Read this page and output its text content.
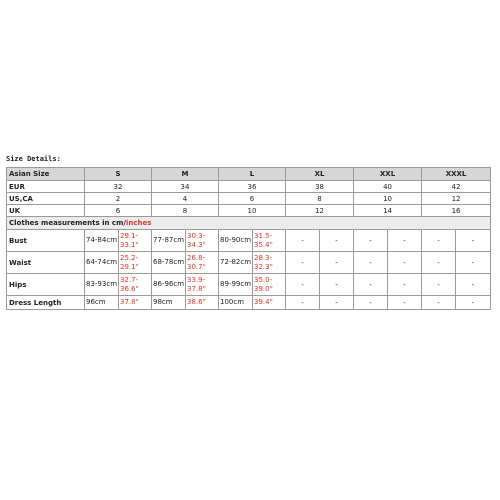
Size Details:
Asian Size	S		M		L		XL		XXL		XXXL	
EUR	32		34		36		38		40		42	
US,CA	2		4		6		8		10		12	
UK	6		8		10		12		14		16	
Clothes measurements in cm/inches												
Bust	74-84cm	29.1-33.1"	77-87cm	30.3-34.3"	80-90cm	31.5-35.4"	-	-	-	-	-	-
Waist	64-74cm	25.2-29.1"	68-78cm	26.8-30.7"	72-82cm	28.3-32.3"	-	-	-	-	-	-
Hips	83-93cm	32.7-36.6"	86-96cm	33.9-37.8"	89-99cm	35.0-39.0"	-	-	-	-	-	-
Dress Length	96cm	37.8"	98cm	38.6"	100cm	39.4"	-	-	-	-	-	-
